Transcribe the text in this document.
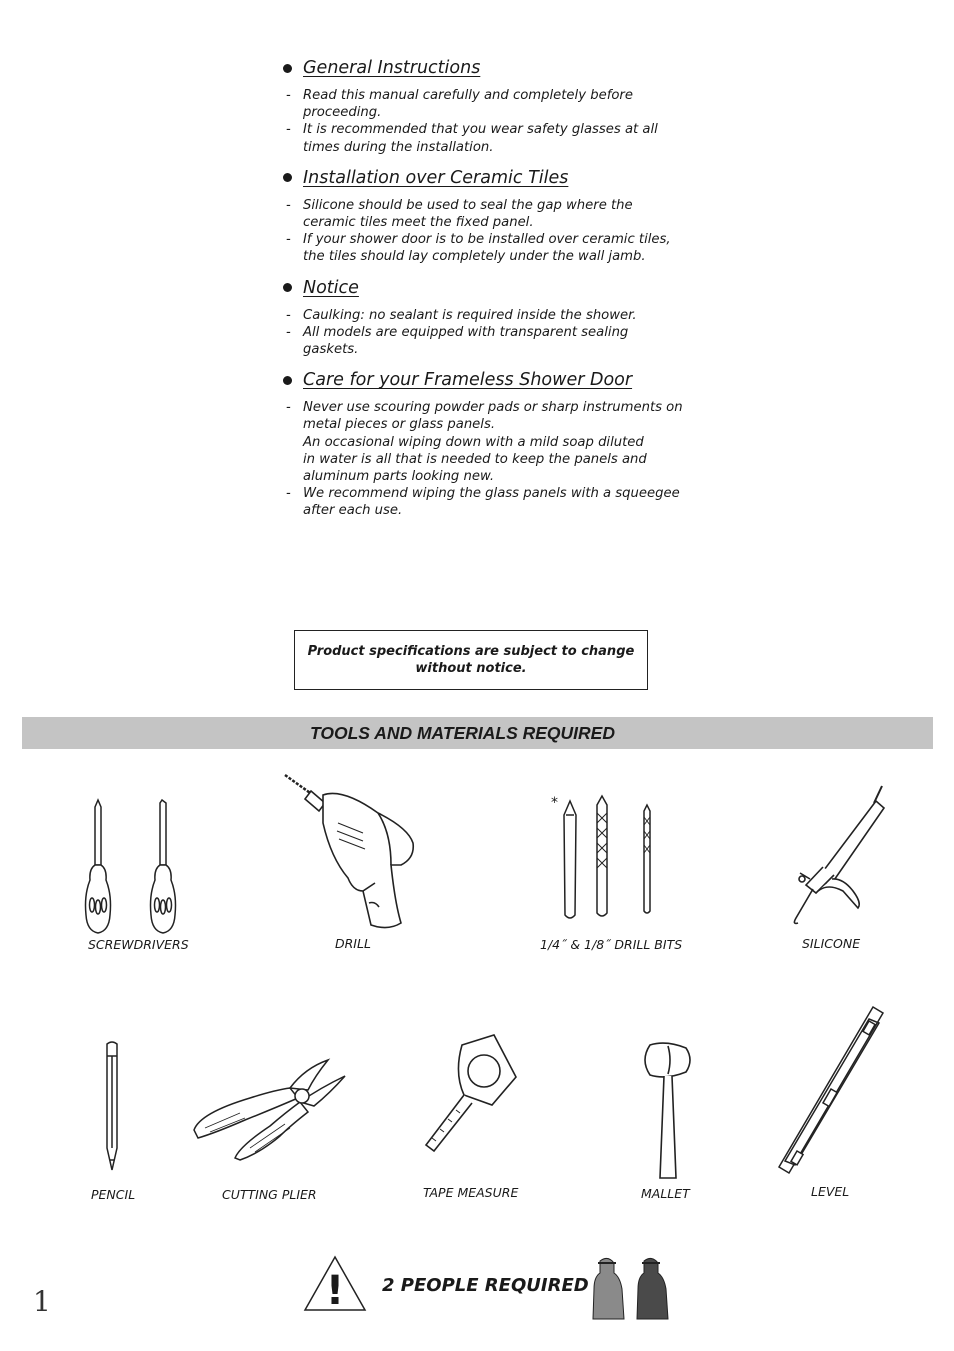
General Instructions
- Read this manual carefully and completely before
proceeding.
- It is recommended that you wear safety glasses at all
times during the installation.
Installation over Ceramic Tiles
- Silicone should be used to seal the gap where the
ceramic tiles meet the fixed panel.
- If your shower door is to be installed over ceramic tiles,
the tiles should lay completely under the wall jamb.
Notice
- Caulking: no sealant is required inside the shower.
- All models are equipped with transparent sealing
gaskets.
Care for your Frameless Shower Door
- Never use scouring powder pads or sharp instruments on
metal pieces or glass panels.
An occasional wiping down with a mild soap diluted
in water is all that is needed to keep the panels and
aluminum parts looking new.
- We recommend wiping the glass panels with a squeegee
after each use.
Product specifications are subject to change
without notice.
TOOLS AND MATERIALS REQUIRED
SCREWDRIVERS	DRILL
*
1/4˝ & 1/8˝ DRILL BITS	SILICONE
PENCIL	CUTTING PLIER	TAPE MEASURE	MALLET	LEVEL
! 2 PEOPLE REQUIRED
1
